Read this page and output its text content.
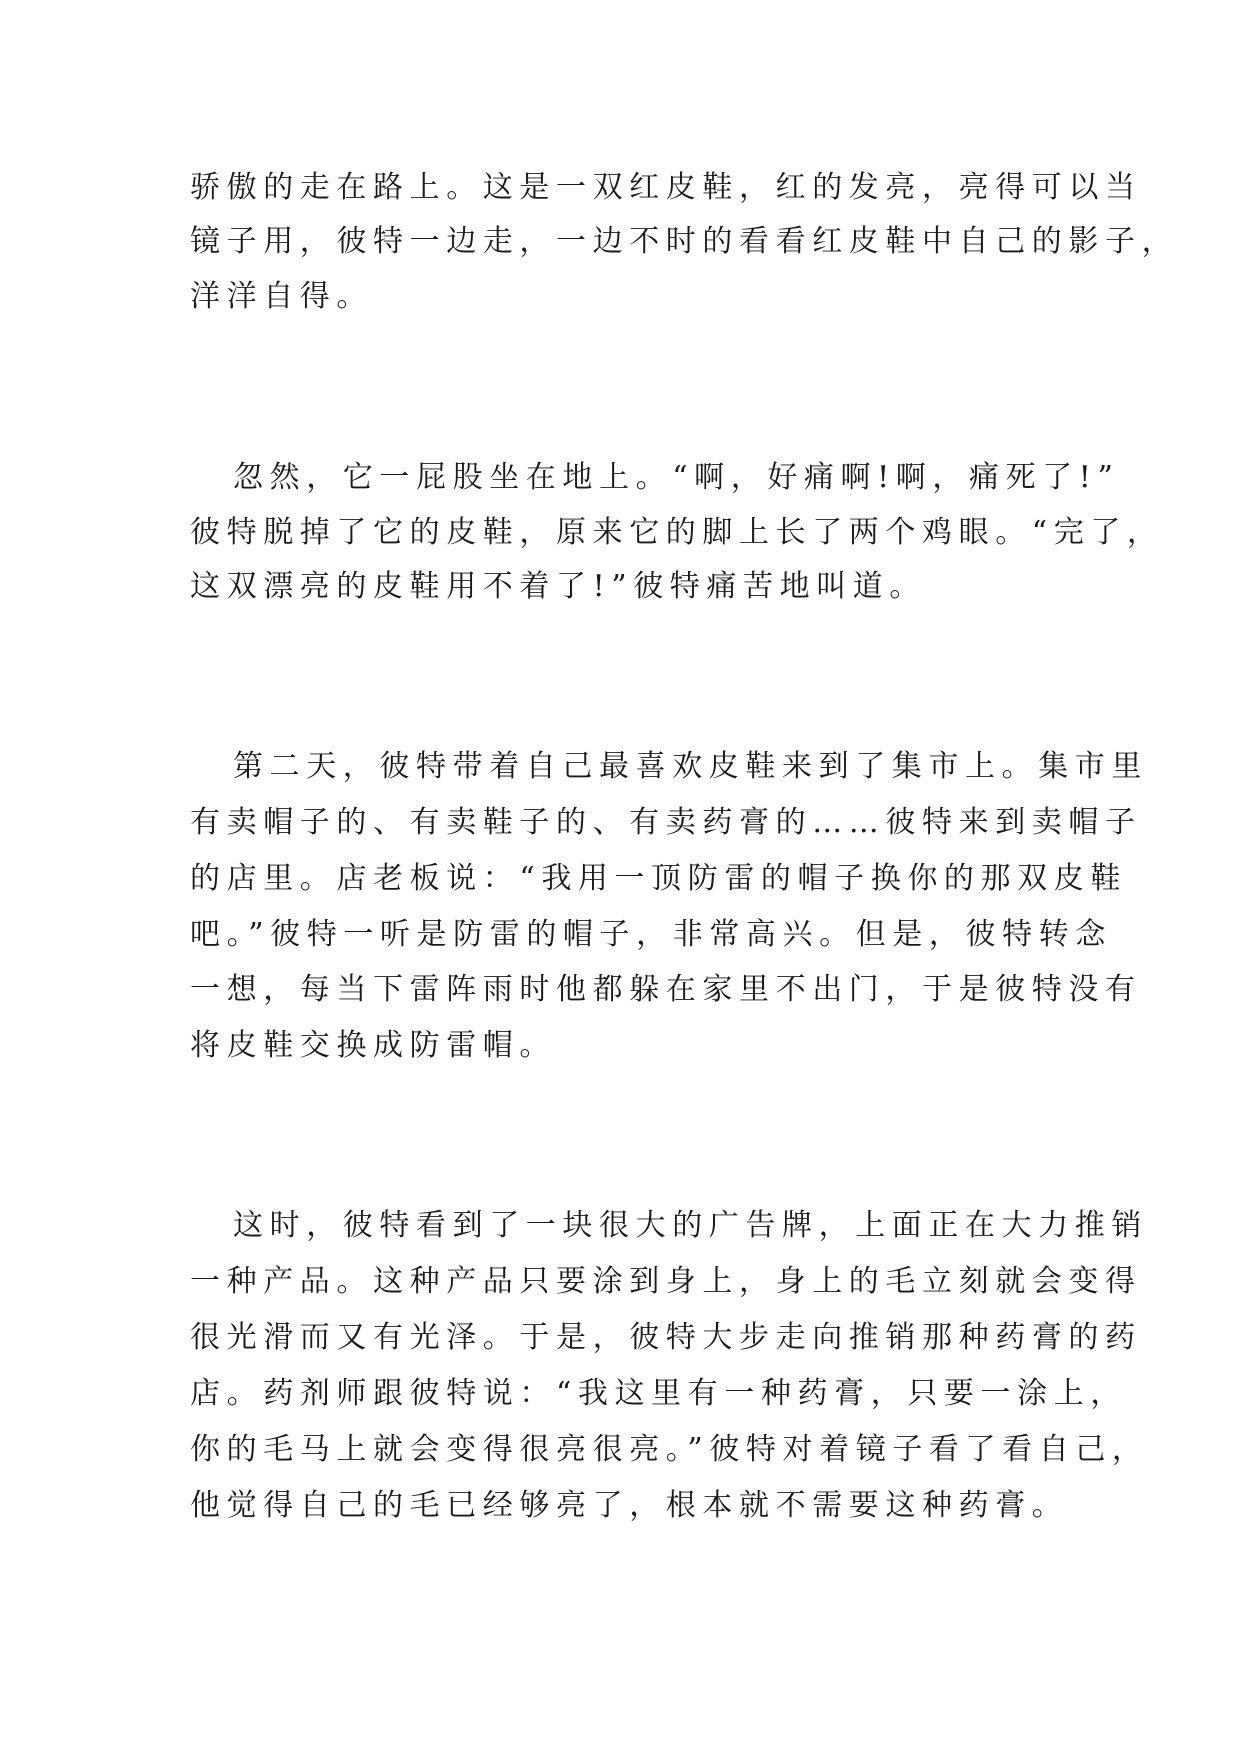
骄傲的走在路上。这是一双红皮鞋，红的发亮，亮得可以当
镜子用，彼特一边走，一边不时的看看红皮鞋中自己的影子，
洋洋自得。
忽然，它一屁股坐在地上。“啊，好痛啊!啊，痛死了!”
彼特脱掉了它的皮鞋，原来它的脚上长了两个鸡眼。“完了，
这双漂亮的皮鞋用不着了!”彼特痛苦地叫道。
第二天，彼特带着自己最喜欢皮鞋来到了集市上。集市里
有卖帽子的、有卖鞋子的、有卖药膏的……彼特来到卖帽子
的店里。店老板说：“我用一顶防雷的帽子换你的那双皮鞋
吧。”彼特一听是防雷的帽子，非常高兴。但是，彼特转念
一想，每当下雷阵雨时他都躲在家里不出门，于是彼特没有
将皮鞋交换成防雷帽。
这时，彼特看到了一块很大的广告牌，上面正在大力推销
一种产品。这种产品只要涂到身上，身上的毛立刻就会变得
很光滑而又有光泽。于是，彼特大步走向推销那种药膏的药
店。药剂师跟彼特说：“我这里有一种药膏，只要一涂上，
你的毛马上就会变得很亮很亮。”彼特对着镜子看了看自己，
他觉得自己的毛已经够亮了，根本就不需要这种药膏。
